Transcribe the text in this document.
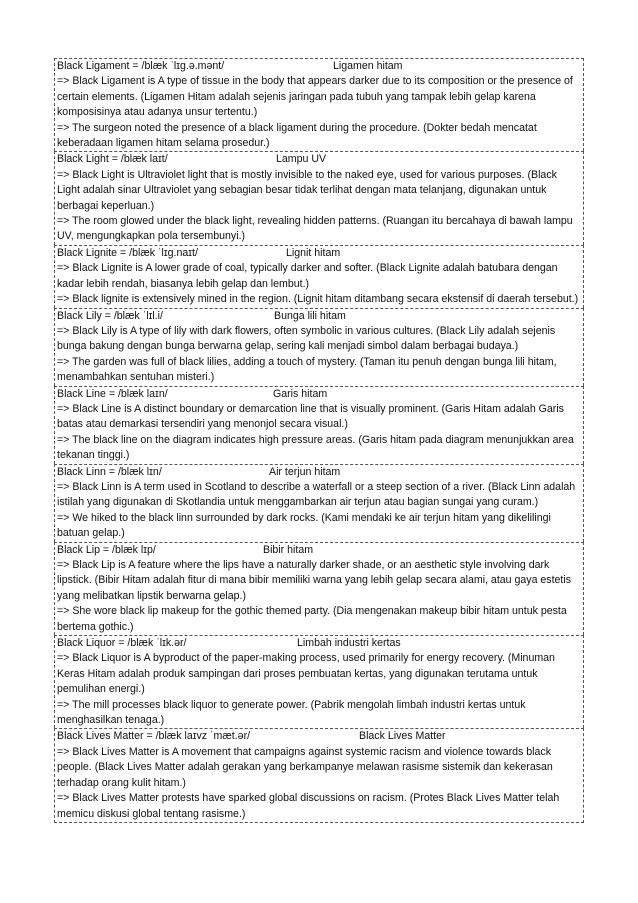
Black Ligament = /blæk ˈlɪɡ.ə.mənt/	Ligamen hitam
=> Black Ligament is A type of tissue in the body that appears darker due to its composition or the presence of certain elements. (Ligamen Hitam adalah sejenis jaringan pada tubuh yang tampak lebih gelap karena komposisinya atau adanya unsur tertentu.)
=> The surgeon noted the presence of a black ligament during the procedure. (Dokter bedah mencatat keberadaan ligamen hitam selama prosedur.)
Black Light = /blæk laɪt/	Lampu UV
=> Black Light is Ultraviolet light that is mostly invisible to the naked eye, used for various purposes. (Black Light adalah sinar Ultraviolet yang sebagian besar tidak terlihat dengan mata telanjang, digunakan untuk berbagai keperluan.)
=> The room glowed under the black light, revealing hidden patterns. (Ruangan itu bercahaya di bawah lampu UV, mengungkapkan pola tersembunyi.)
Black Lignite = /blæk ˈlɪɡ.naɪt/	Lignit hitam
=> Black Lignite is A lower grade of coal, typically darker and softer. (Black Lignite adalah batubara dengan kadar lebih rendah, biasanya lebih gelap dan lembut.)
=> Black lignite is extensively mined in the region. (Lignit hitam ditambang secara ekstensif di daerah tersebut.)
Black Lily = /blæk ˈlɪl.i/	Bunga lili hitam
=> Black Lily is A type of lily with dark flowers, often symbolic in various cultures. (Black Lily adalah sejenis bunga bakung dengan bunga berwarna gelap, sering kali menjadi simbol dalam berbagai budaya.)
=> The garden was full of black lilies, adding a touch of mystery. (Taman itu penuh dengan bunga lili hitam, menambahkan sentuhan misteri.)
Black Line = /blæk laɪn/	Garis hitam
=> Black Line is A distinct boundary or demarcation line that is visually prominent. (Garis Hitam adalah Garis batas atau demarkasi tersendiri yang menonjol secara visual.)
=> The black line on the diagram indicates high pressure areas. (Garis hitam pada diagram menunjukkan area tekanan tinggi.)
Black Linn = /blæk lɪn/	Air terjun hitam
=> Black Linn is A term used in Scotland to describe a waterfall or a steep section of a river. (Black Linn adalah istilah yang digunakan di Skotlandia untuk menggambarkan air terjun atau bagian sungai yang curam.)
=> We hiked to the black linn surrounded by dark rocks. (Kami mendaki ke air terjun hitam yang dikelilingi batuan gelap.)
Black Lip = /blæk lɪp/	Bibir hitam
=> Black Lip is A feature where the lips have a naturally darker shade, or an aesthetic style involving dark lipstick. (Bibir Hitam adalah fitur di mana bibir memiliki warna yang lebih gelap secara alami, atau gaya estetis yang melibatkan lipstik berwarna gelap.)
=> She wore black lip makeup for the gothic themed party. (Dia mengenakan makeup bibir hitam untuk pesta bertema gothic.)
Black Liquor = /blæk ˈlɪk.ər/	Limbah industri kertas
=> Black Liquor is A byproduct of the paper-making process, used primarily for energy recovery. (Minuman Keras Hitam adalah produk sampingan dari proses pembuatan kertas, yang digunakan terutama untuk pemulihan energi.)
=> The mill processes black liquor to generate power. (Pabrik mengolah limbah industri kertas untuk menghasilkan tenaga.)
Black Lives Matter = /blæk laɪvz ˈmæt.ər/	Black Lives Matter
=> Black Lives Matter is A movement that campaigns against systemic racism and violence towards black people. (Black Lives Matter adalah gerakan yang berkampanye melawan rasisme sistemik dan kekerasan terhadap orang kulit hitam.)
=> Black Lives Matter protests have sparked global discussions on racism. (Protes Black Lives Matter telah memicu diskusi global tentang rasisme.)
